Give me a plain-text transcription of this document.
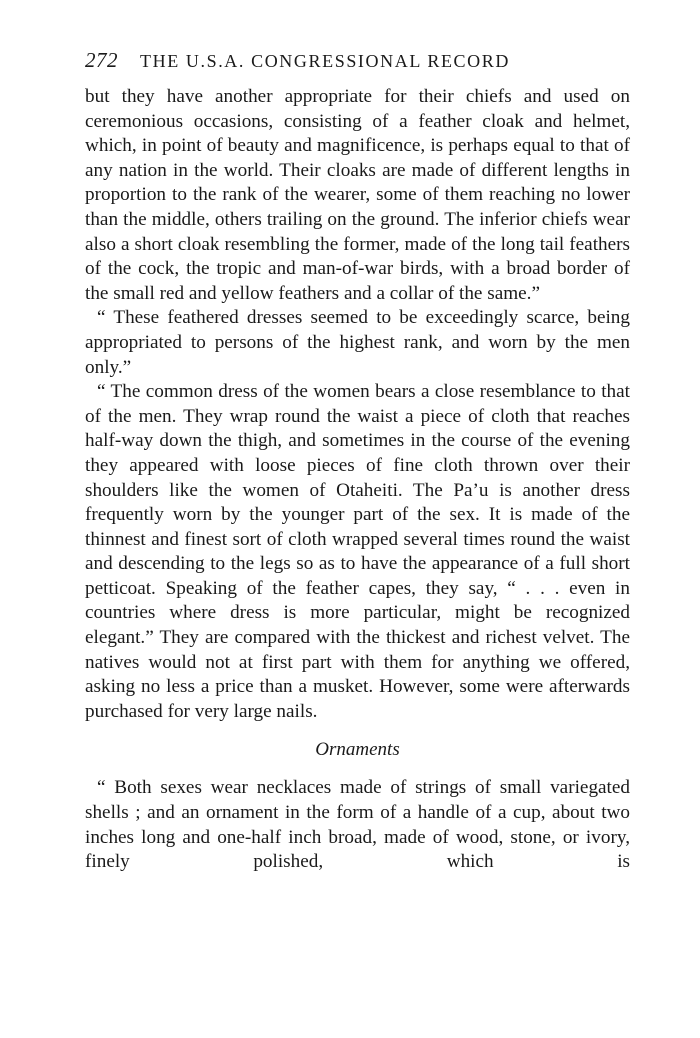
272 THE U.S.A. CONGRESSIONAL RECORD

but they have another appropriate for their chiefs and used on ceremonious occasions, consisting of a feather cloak and helmet, which, in point of beauty and magnificence, is perhaps equal to that of any nation in the world. Their cloaks are made of different lengths in proportion to the rank of the wearer, some of them reaching no lower than the middle, others trailing on the ground. The inferior chiefs wear also a short cloak resembling the former, made of the long tail feathers of the cock, the tropic and man-of-war birds, with a broad border of the small red and yellow feathers and a collar of the same.”

“ These feathered dresses seemed to be exceedingly scarce, being appropriated to persons of the highest rank, and worn by the men only.”

“ The common dress of the women bears a close resemblance to that of the men. They wrap round the waist a piece of cloth that reaches half-way down the thigh, and sometimes in the course of the evening they appeared with loose pieces of fine cloth thrown over their shoulders like the women of Otaheiti. The Pa’u is another dress frequently worn by the younger part of the sex. It is made of the thinnest and finest sort of cloth wrapped several times round the waist and descending to the legs so as to have the appearance of a full short petticoat. Speaking of the feather capes, they say, “ . . . even in countries where dress is more particular, might be recognized elegant.” They are compared with the thickest and richest velvet. The natives would not at first part with them for anything we offered, asking no less a price than a musket. However, some were afterwards purchased for very large nails.

Ornaments

“ Both sexes wear necklaces made of strings of small variegated shells ; and an ornament in the form of a handle of a cup, about two inches long and one-half inch broad, made of wood, stone, or ivory, finely polished, which is
